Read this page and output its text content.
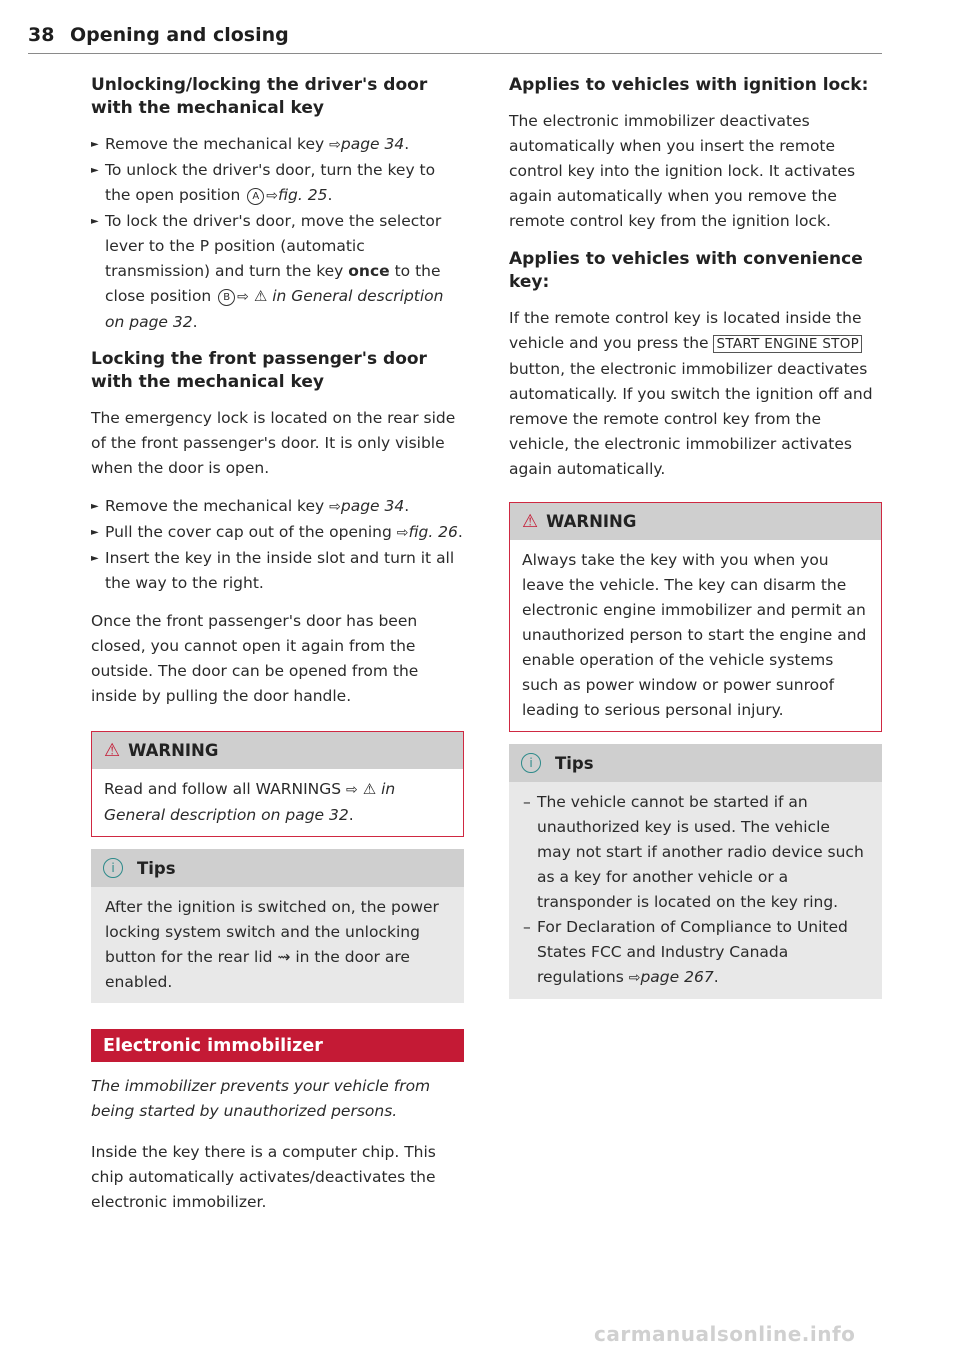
38 Opening and closing
Unlocking/locking the driver's door with the mechanical key
► Remove the mechanical key ⇨page 34.
► To unlock the driver's door, turn the key to the open position A ⇨fig. 25.
► To lock the driver's door, move the selector lever to the P position (automatic transmission) and turn the key once to the close position B ⇨ ⚠ in General description on page 32.
Locking the front passenger's door with the mechanical key

The emergency lock is located on the rear side of the front passenger's door. It is only visible when the door is open.

► Remove the mechanical key ⇨page 34.
► Pull the cover cap out of the opening ⇨fig. 26.
► Insert the key in the inside slot and turn it all the way to the right.

Once the front passenger's door has been closed, you cannot open it again from the outside. The door can be opened from the inside by pulling the door handle.

⚠ WARNING
Read and follow all WARNINGS ⇨ ⚠ in General description on page 32.
i	Tips
After the ignition is switched on, the power locking system switch and the unlocking button for the rear lid ⇝ in the door are enabled.
Electronic immobilizer

The immobilizer prevents your vehicle from being started by unauthorized persons.

Inside the key there is a computer chip. This chip automatically activates/deactivates the electronic immobilizer.

Applies to vehicles with ignition lock:

The electronic immobilizer deactivates automatically when you insert the remote control key into the ignition lock. It activates again automatically when you remove the remote control key from the ignition lock.

Applies to vehicles with convenience key:

If the remote control key is located inside the vehicle and you press the START ENGINE STOP button, the electronic immobilizer deactivates automatically. If you switch the ignition off and remove the remote control key from the vehicle, the electronic immobilizer activates again automatically.

⚠ WARNING
Always take the key with you when you leave the vehicle. The key can disarm the electronic engine immobilizer and permit an unauthorized person to start the engine and enable operation of the vehicle systems such as power window or power sunroof leading to serious personal injury.
i	Tips
– The vehicle cannot be started if an unauthorized key is used. The vehicle may not start if another radio device such as a key for another vehicle or a transponder is located on the key ring.
– For Declaration of Compliance to United States FCC and Industry Canada regulations ⇨page 267.
carmanualsonline.info
